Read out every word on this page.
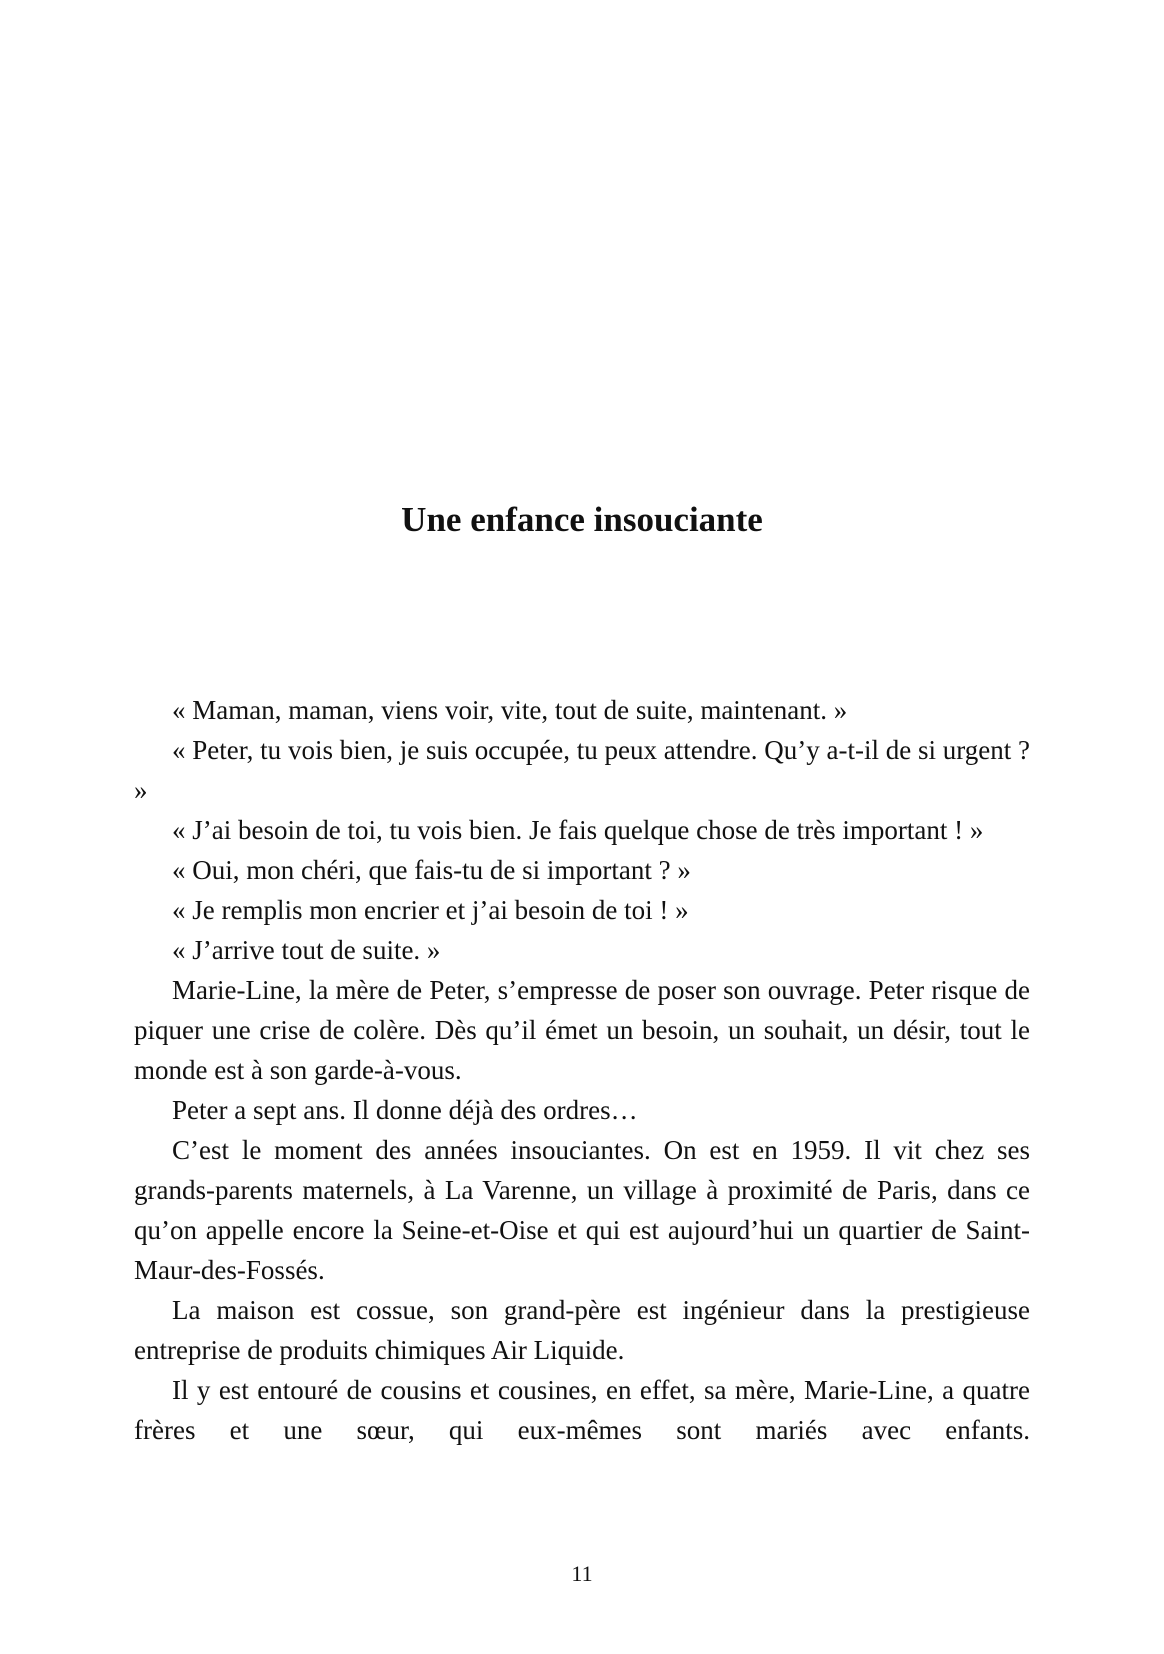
Une enfance insouciante

« Maman, maman, viens voir, vite, tout de suite, maintenant. »

« Peter, tu vois bien, je suis occupée, tu peux attendre. Qu’y a-t-il de si urgent ? »

« J’ai besoin de toi, tu vois bien. Je fais quelque chose de très important ! »

« Oui, mon chéri, que fais-tu de si important ? »

« Je remplis mon encrier et j’ai besoin de toi ! »

« J’arrive tout de suite. »

Marie-Line, la mère de Peter, s’empresse de poser son ouvrage. Peter risque de piquer une crise de colère. Dès qu’il émet un besoin, un souhait, un désir, tout le monde est à son garde-à-vous.

Peter a sept ans. Il donne déjà des ordres…

C’est le moment des années insouciantes. On est en 1959. Il vit chez ses grands-parents maternels, à La Varenne, un village à proximité de Paris, dans ce qu’on appelle encore la Seine-et-Oise et qui est aujourd’hui un quartier de Saint-Maur-des-Fossés.

La maison est cossue, son grand-père est ingénieur dans la prestigieuse entreprise de produits chimiques Air Liquide.

Il y est entouré de cousins et cousines, en effet, sa mère, Marie-Line, a quatre frères et une sœur, qui eux-mêmes sont mariés avec enfants.

11
